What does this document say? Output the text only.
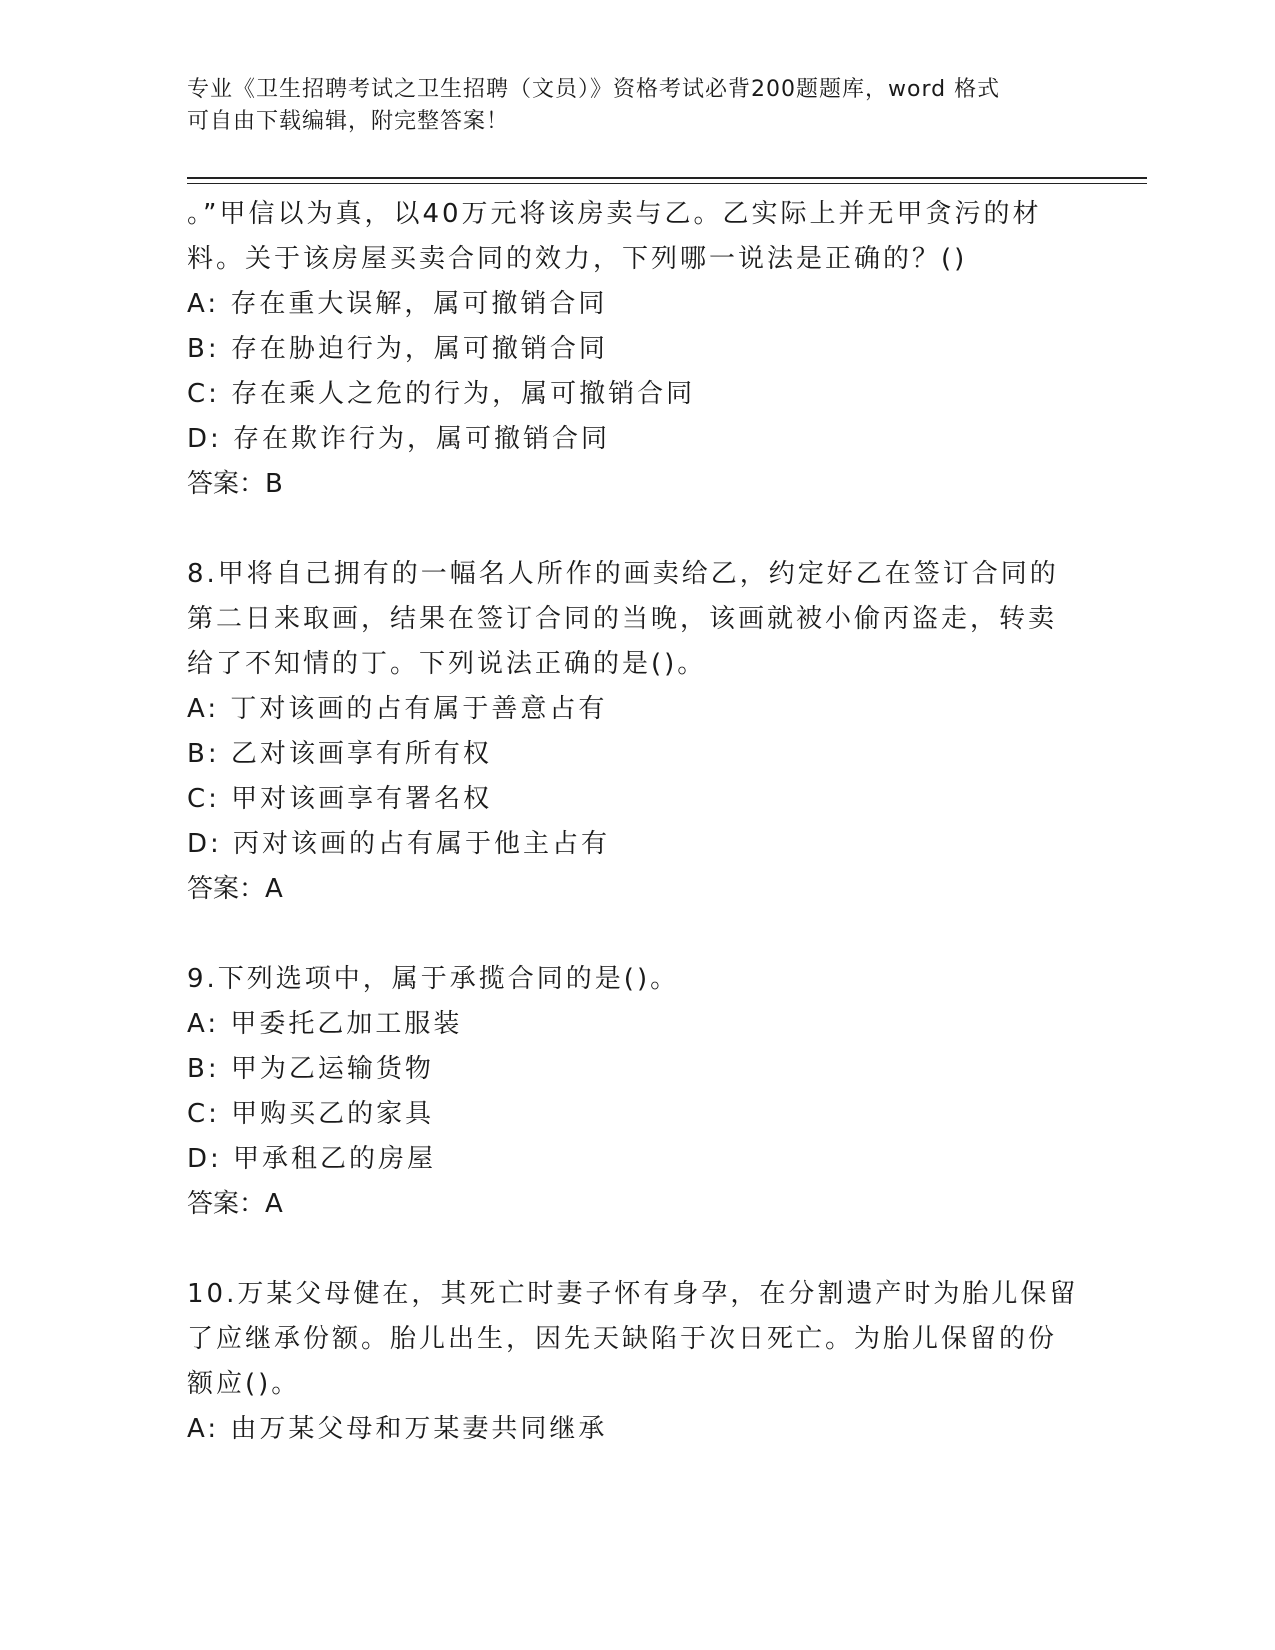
专业《卫生招聘考试之卫生招聘（文员）》资格考试必背200题题库，word 格式
可自由下载编辑，附完整答案！
。”甲信以为真，以40万元将该房卖与乙。乙实际上并无甲贪污的材
料。关于该房屋买卖合同的效力，下列哪一说法是正确的？()
A: 存在重大误解，属可撤销合同
B: 存在胁迫行为，属可撤销合同
C: 存在乘人之危的行为，属可撤销合同
D: 存在欺诈行为，属可撤销合同
答案：B
8.甲将自己拥有的一幅名人所作的画卖给乙，约定好乙在签订合同的
第二日来取画，结果在签订合同的当晚，该画就被小偷丙盗走，转卖
给了不知情的丁。下列说法正确的是()。
A: 丁对该画的占有属于善意占有
B: 乙对该画享有所有权
C: 甲对该画享有署名权
D: 丙对该画的占有属于他主占有
答案：A
9.下列选项中，属于承揽合同的是()。
A: 甲委托乙加工服装
B: 甲为乙运输货物
C: 甲购买乙的家具
D: 甲承租乙的房屋
答案：A
10.万某父母健在，其死亡时妻子怀有身孕，在分割遗产时为胎儿保留
了应继承份额。胎儿出生，因先天缺陷于次日死亡。为胎儿保留的份
额应()。
A: 由万某父母和万某妻共同继承
